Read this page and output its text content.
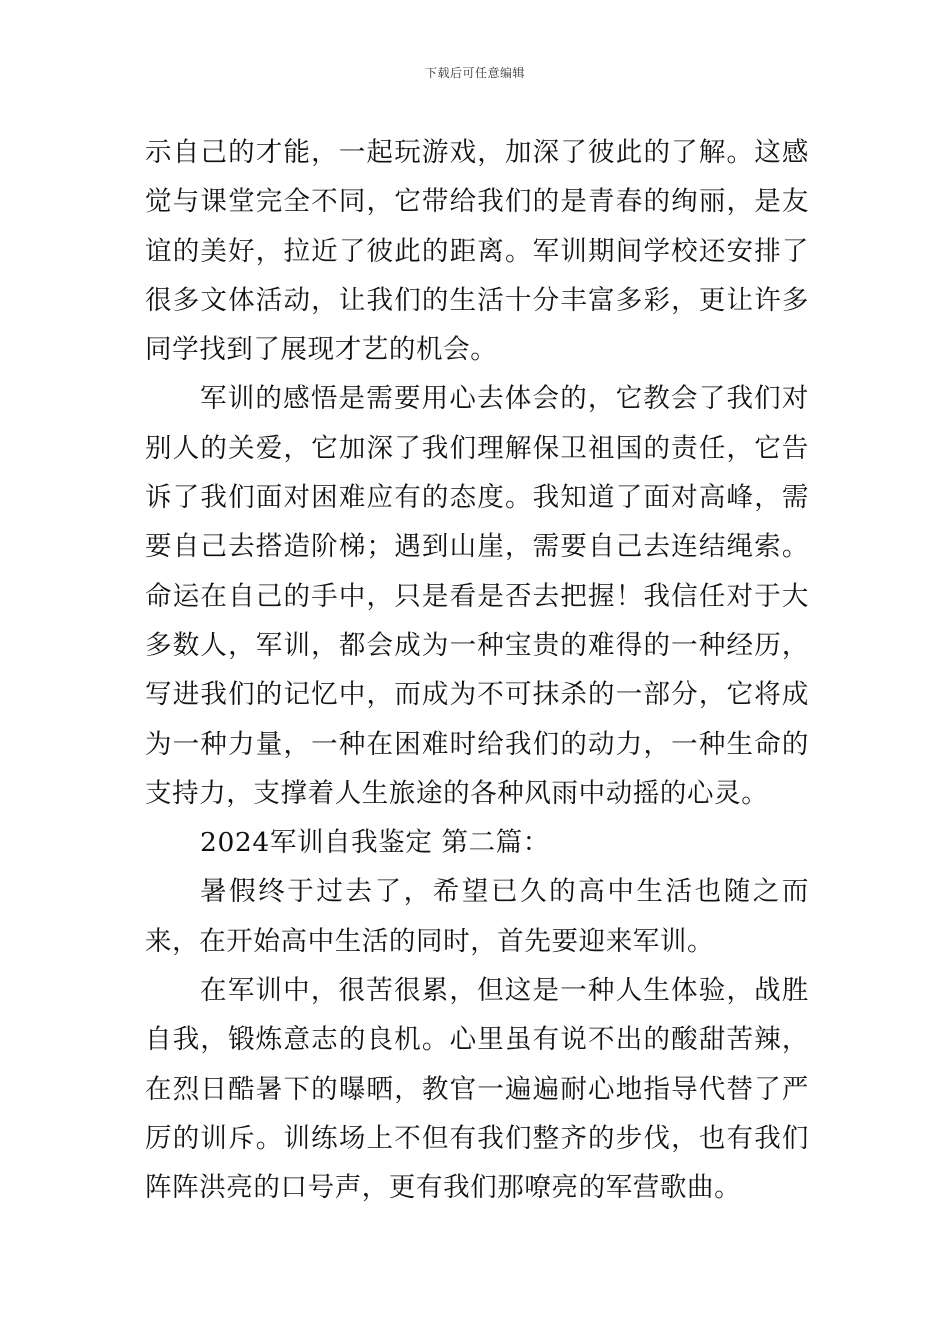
下载后可任意编辑

示自己的才能，一起玩游戏，加深了彼此的了解。这感觉与课堂完全不同，它带给我们的是青春的绚丽，是友谊的美好，拉近了彼此的距离。军训期间学校还安排了很多文体活动，让我们的生活十分丰富多彩，更让许多同学找到了展现才艺的机会。

军训的感悟是需要用心去体会的，它教会了我们对别人的关爱，它加深了我们理解保卫祖国的责任，它告诉了我们面对困难应有的态度。我知道了面对高峰，需要自己去搭造阶梯；遇到山崖，需要自己去连结绳索。命运在自己的手中，只是看是否去把握！我信任对于大多数人，军训，都会成为一种宝贵的难得的一种经历，写进我们的记忆中，而成为不可抹杀的一部分，它将成为一种力量，一种在困难时给我们的动力，一种生命的支持力，支撑着人生旅途的各种风雨中动摇的心灵。

2024军训自我鉴定 第二篇：

暑假终于过去了，希望已久的高中生活也随之而来，在开始高中生活的同时，首先要迎来军训。

在军训中，很苦很累，但这是一种人生体验，战胜自我，锻炼意志的良机。心里虽有说不出的酸甜苦辣，在烈日酷暑下的曝晒，教官一遍遍耐心地指导代替了严厉的训斥。训练场上不但有我们整齐的步伐，也有我们阵阵洪亮的口号声，更有我们那嘹亮的军营歌曲。
